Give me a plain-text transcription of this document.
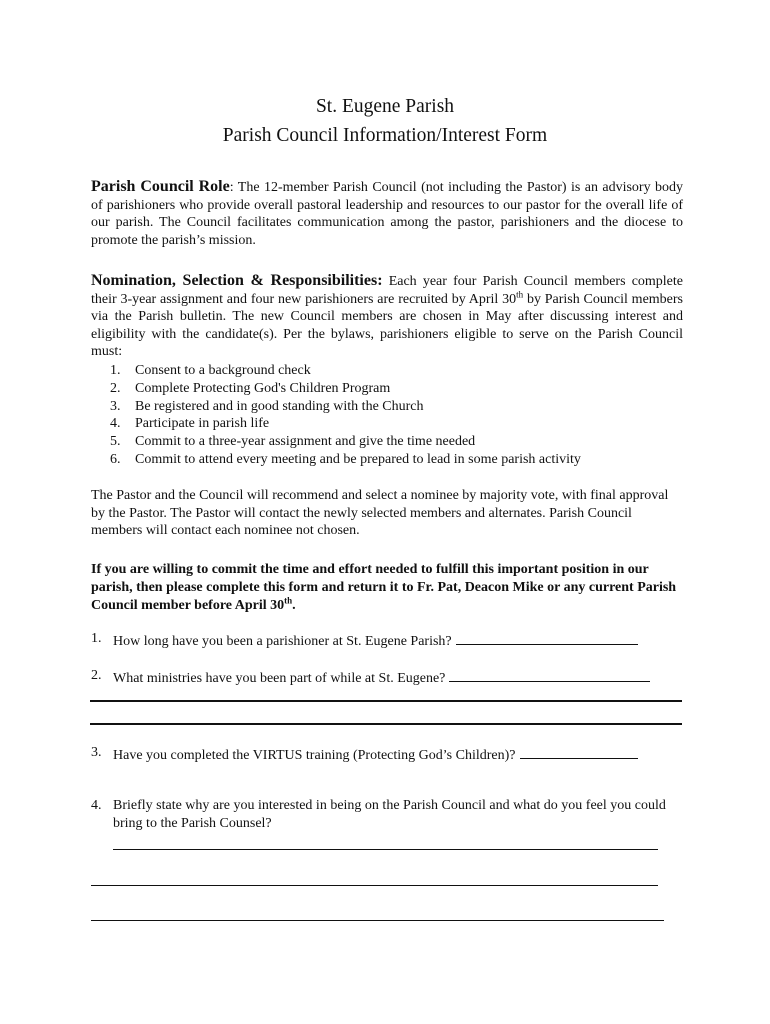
St. Eugene Parish
Parish Council Information/Interest Form
Parish Council Role: The 12-member Parish Council (not including the Pastor) is an advisory body of parishioners who provide overall pastoral leadership and resources to our pastor for the overall life of our parish. The Council facilitates communication among the pastor, parishioners and the diocese to promote the parish’s mission.
Nomination, Selection & Responsibilities: Each year four Parish Council members complete their 3-year assignment and four new parishioners are recruited by April 30th by Parish Council members via the Parish bulletin. The new Council members are chosen in May after discussing interest and eligibility with the candidate(s). Per the bylaws, parishioners eligible to serve on the Parish Council must:
1. Consent to a background check
2. Complete Protecting God's Children Program
3. Be registered and in good standing with the Church
4. Participate in parish life
5. Commit to a three-year assignment and give the time needed
6. Commit to attend every meeting and be prepared to lead in some parish activity
The Pastor and the Council will recommend and select a nominee by majority vote, with final approval by the Pastor. The Pastor will contact the newly selected members and alternates. Parish Council members will contact each nominee not chosen.
If you are willing to commit the time and effort needed to fulfill this important position in our parish, then please complete this form and return it to Fr. Pat, Deacon Mike or any current Parish Council member before April 30th.
1. How long have you been a parishioner at St. Eugene Parish?
2. What ministries have you been part of while at St. Eugene?
3. Have you completed the VIRTUS training (Protecting God’s Children)?
4. Briefly state why are you interested in being on the Parish Council and what do you feel you could bring to the Parish Counsel?
